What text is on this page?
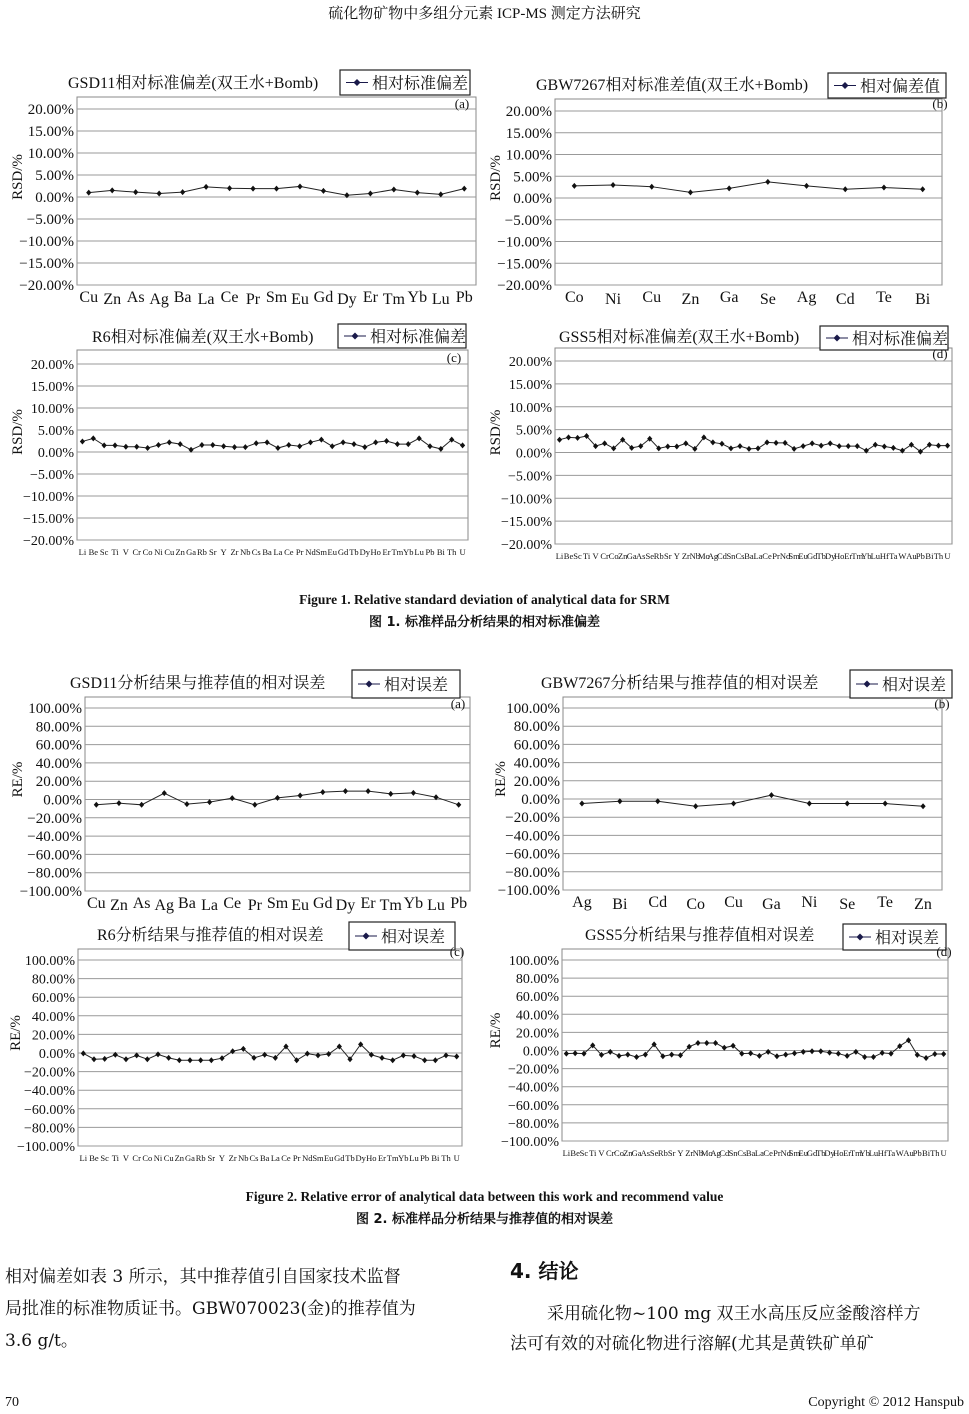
硫化物矿物中多组分元素 ICP-MS 测定方法研究
20.00%
15.00%
10.00%
5.00%
0.00%
−5.00%
−10.00%
−15.00%
−20.00%
RSD/%
GSD11相对标准偏差(双王水+Bomb)	相对标准偏差
(a)
Cu Zn As Ag Ba La Ce Pr Sm Eu Gd Dy Er Tm Yb Lu Pb
20.00%
15.00%
10.00%
5.00%
0.00%
−5.00%
−10.00%
−15.00%
−20.00%
RSD/%
GBW7267相对标准差值(双王水+Bomb)	相对偏差值
(b)
Co Ni Cu Zn Ga Se Ag Cd Te Bi
20.00%
15.00%
10.00%
5.00%
0.00%
−5.00%
−10.00%
−15.00%
−20.00%
RSD/%
R6相对标准偏差(双王水+Bomb)	相对标准偏差
(c)
Li Be Sc Ti V Cr Co Ni Cu Zn Ga Rb Sr Y Zr Nb Cs Ba La Ce Pr Nd Sm Eu Gd Tb Dy Ho Er Tm Yb Lu Pb Bi Th U
20.00%
15.00%
10.00%
5.00%
0.00%
−5.00%
−10.00%
−15.00%
−20.00%
RSD/%
GSS5相对标准偏差(双王水+Bomb)	相对标准偏差
(d)
Li Be Sc Ti V Cr Co Zn Ga As Se Rb Sr Y Zr Nb
Mo
Ag
Cd Sn Cs Ba La Ce Pr Nd
Sm
Eu Gd Tb Dy
Ho Er Tm
Yb Lu Hf Ta W Au Pb Bi Th U
100.00%
80.00%
60.00%
40.00%
20.00%
0.00%
−20.00%
−40.00%
−60.00%
−80.00%
−100.00%
RE/%
GSD11分析结果与推荐值的相对误差	相对误差
(a)
Cu Zn As Ag Ba La Ce Pr Sm Eu Gd Dy Er Tm Yb Lu Pb
100.00%
80.00%
60.00%
40.00%
20.00%
0.00%
−20.00%
−40.00%
−60.00%
−80.00%
−100.00%
RE/%
GBW7267分析结果与推荐值的相对误差	相对误差
(b)
Ag Bi Cd Co Cu Ga Ni Se Te Zn
100.00%
80.00%
60.00%
40.00%
20.00%
0.00%
−20.00%
−40.00%
−60.00%
−80.00%
−100.00%
RE/%
R6分析结果与推荐值的相对误差	相对误差
(c)
Li Be Sc Ti V Cr Co Ni Cu Zn Ga Rb Sr Y Zr Nb Cs Ba La Ce Pr Nd Sm Eu Gd Tb Dy Ho Er Tm Yb Lu Pb Bi Th U
100.00%
80.00%
60.00%
40.00%
20.00%
0.00%
−20.00%
−40.00%
−60.00%
−80.00%
−100.00%
RE/%
GSS5分析结果与推荐值相对误差	相对误差
(d)
Li Be Sc Ti V Cr Co Zn Ga As Se Rb Sr Y Zr Nb
Mo
Ag
Cd Sn Cs Ba La Ce Pr Nd
Sm
Eu
Gd
Tb
Dy
Ho Er
Tm
Yb
Lu Hf Ta W Au Pb Bi Th U
Figure 1. Relative standard deviation of analytical data for SRM
图 1. 标准样品分析结果的相对标准偏差
Figure 2. Relative error of analytical data between this work and recommend value
图 2. 标准样品分析结果与推荐值的相对误差
相对偏差如表 3 所示，其中推荐值引自国家技术监督
局批准的标准物质证书。GBW070023(金)的推荐值为
3.6 g/t。
4. 结论
采用硫化物~100 mg 双王水高压反应釜酸溶样方
法可有效的对硫化物进行溶解(尤其是黄铁矿单矿
70	Copyright © 2012 Hanspub
